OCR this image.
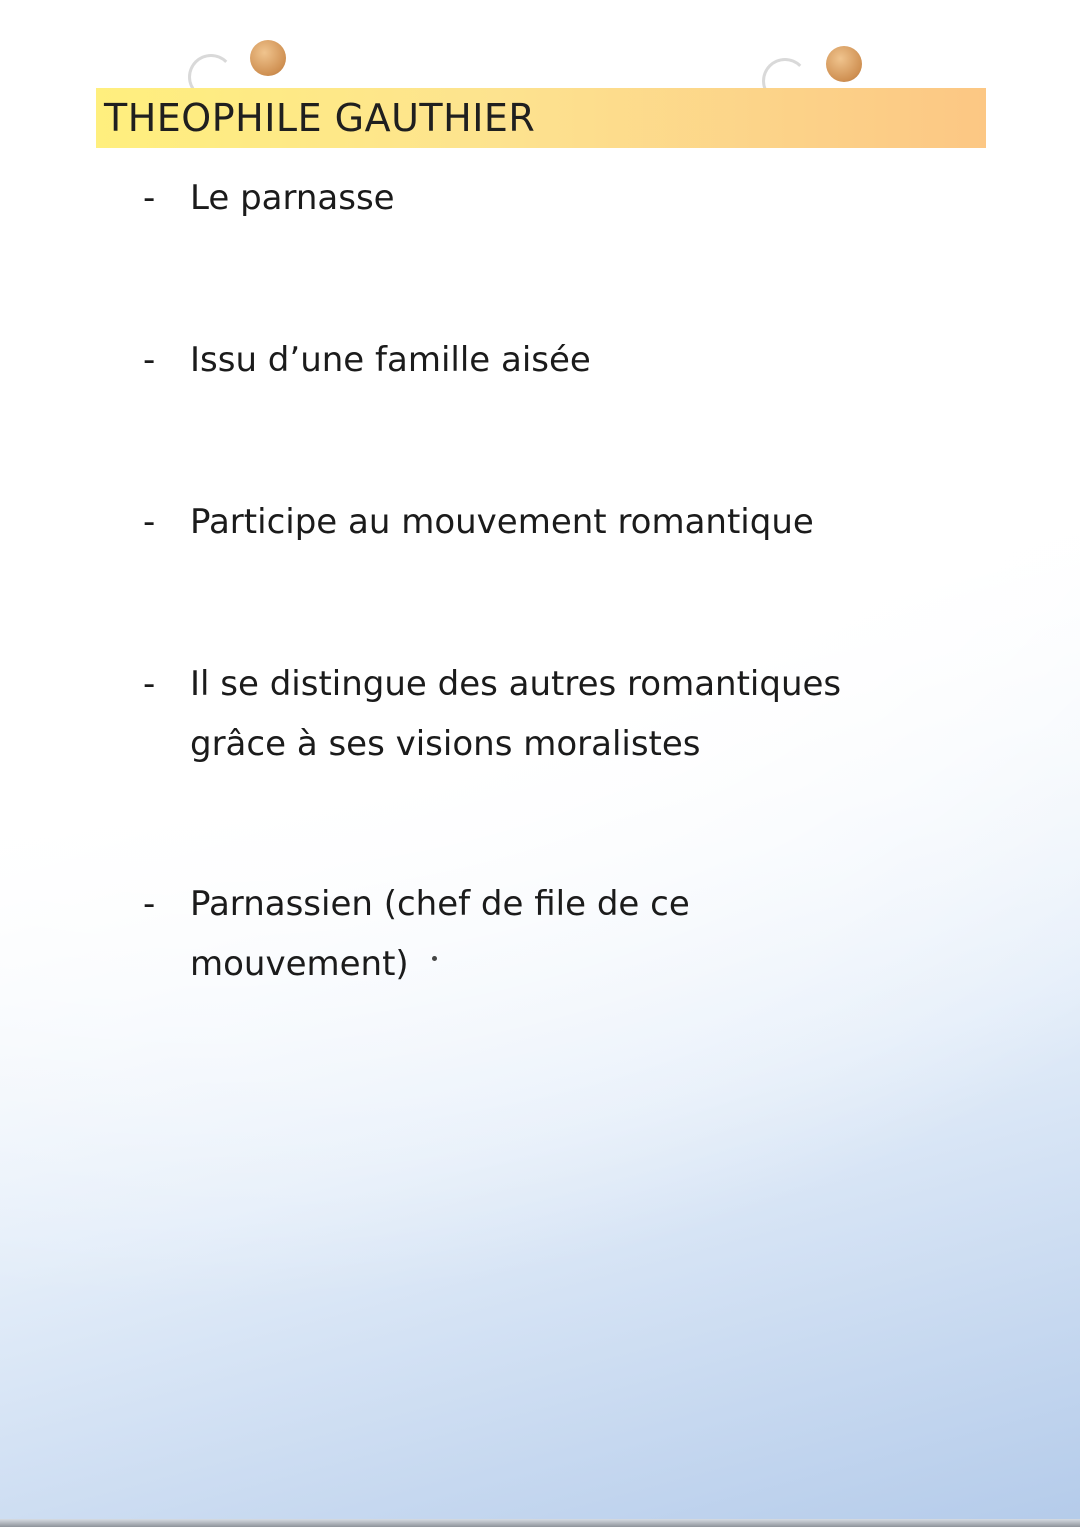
THEOPHILE GAUTHIER
- Le parnasse
- Issu d’une famille aisée
- Participe au mouvement romantique
- Il se distingue des autres romantiques
grâce à ses visions moralistes
- Parnassien (chef de file de ce
mouvement)
